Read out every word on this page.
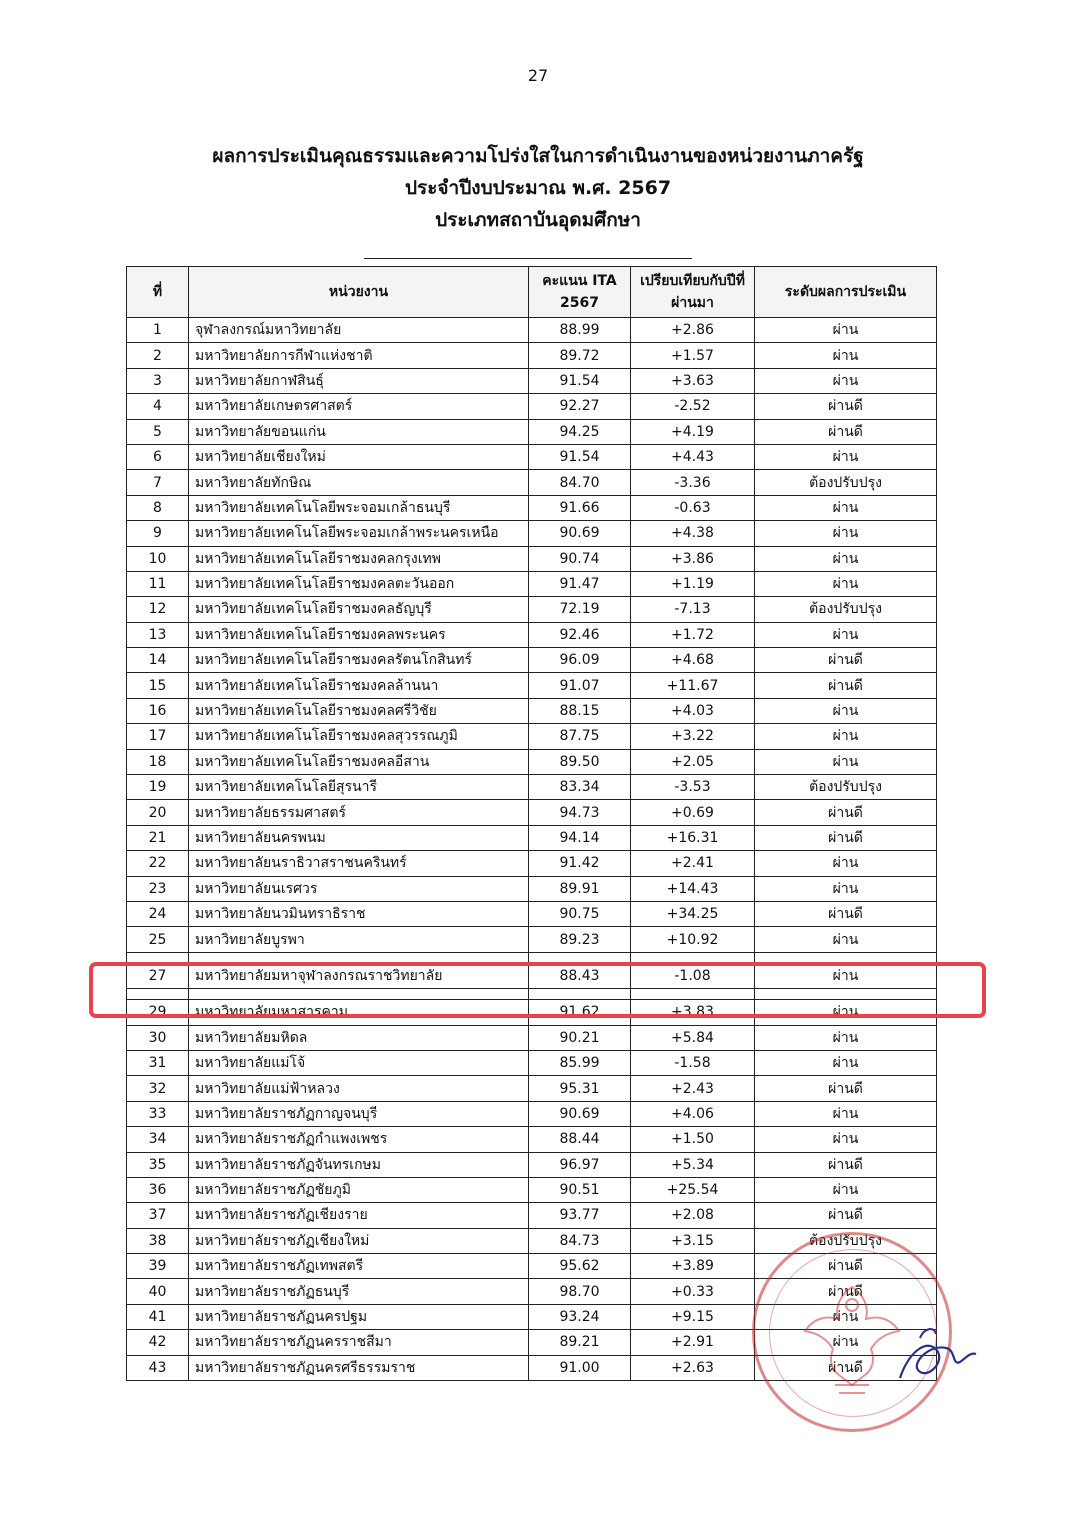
27
ผลการประเมินคุณธรรมและความโปร่งใสในการดำเนินงานของหน่วยงานภาครัฐ
ประจำปีงบประมาณ พ.ศ. 2567
ประเภทสถาบันอุดมศึกษา
ที่	หน่วยงาน	คะแนน ITA 2567	เปรียบเทียบกับปีที่ผ่านมา	ระดับผลการประเมิน
1	จุฬาลงกรณ์มหาวิทยาลัย	88.99	+2.86	ผ่าน
2	มหาวิทยาลัยการกีฬาแห่งชาติ	89.72	+1.57	ผ่าน
3	มหาวิทยาลัยกาฬสินธุ์	91.54	+3.63	ผ่าน
4	มหาวิทยาลัยเกษตรศาสตร์	92.27	-2.52	ผ่านดี
5	มหาวิทยาลัยขอนแก่น	94.25	+4.19	ผ่านดี
6	มหาวิทยาลัยเชียงใหม่	91.54	+4.43	ผ่าน
7	มหาวิทยาลัยทักษิณ	84.70	-3.36	ต้องปรับปรุง
8	มหาวิทยาลัยเทคโนโลยีพระจอมเกล้าธนบุรี	91.66	-0.63	ผ่าน
9	มหาวิทยาลัยเทคโนโลยีพระจอมเกล้าพระนครเหนือ	90.69	+4.38	ผ่าน
10	มหาวิทยาลัยเทคโนโลยีราชมงคลกรุงเทพ	90.74	+3.86	ผ่าน
11	มหาวิทยาลัยเทคโนโลยีราชมงคลตะวันออก	91.47	+1.19	ผ่าน
12	มหาวิทยาลัยเทคโนโลยีราชมงคลธัญบุรี	72.19	-7.13	ต้องปรับปรุง
13	มหาวิทยาลัยเทคโนโลยีราชมงคลพระนคร	92.46	+1.72	ผ่าน
14	มหาวิทยาลัยเทคโนโลยีราชมงคลรัตนโกสินทร์	96.09	+4.68	ผ่านดี
15	มหาวิทยาลัยเทคโนโลยีราชมงคลล้านนา	91.07	+11.67	ผ่านดี
16	มหาวิทยาลัยเทคโนโลยีราชมงคลศรีวิชัย	88.15	+4.03	ผ่าน
17	มหาวิทยาลัยเทคโนโลยีราชมงคลสุวรรณภูมิ	87.75	+3.22	ผ่าน
18	มหาวิทยาลัยเทคโนโลยีราชมงคลอีสาน	89.50	+2.05	ผ่าน
19	มหาวิทยาลัยเทคโนโลยีสุรนารี	83.34	-3.53	ต้องปรับปรุง
20	มหาวิทยาลัยธรรมศาสตร์	94.73	+0.69	ผ่านดี
21	มหาวิทยาลัยนครพนม	94.14	+16.31	ผ่านดี
22	มหาวิทยาลัยนราธิวาสราชนครินทร์	91.42	+2.41	ผ่าน
23	มหาวิทยาลัยนเรศวร	89.91	+14.43	ผ่าน
24	มหาวิทยาลัยนวมินทราธิราช	90.75	+34.25	ผ่านดี
25	มหาวิทยาลัยบูรพา	89.23	+10.92	ผ่าน

27	มหาวิทยาลัยมหาจุฬาลงกรณราชวิทยาลัย	88.43	-1.08	ผ่าน

29	มหาวิทยาลัยมหาสารคาม	91.62	+3.83	ผ่าน
30	มหาวิทยาลัยมหิดล	90.21	+5.84	ผ่าน
31	มหาวิทยาลัยแม่โจ้	85.99	-1.58	ผ่าน
32	มหาวิทยาลัยแม่ฟ้าหลวง	95.31	+2.43	ผ่านดี
33	มหาวิทยาลัยราชภัฏกาญจนบุรี	90.69	+4.06	ผ่าน
34	มหาวิทยาลัยราชภัฏกำแพงเพชร	88.44	+1.50	ผ่าน
35	มหาวิทยาลัยราชภัฏจันทรเกษม	96.97	+5.34	ผ่านดี
36	มหาวิทยาลัยราชภัฏชัยภูมิ	90.51	+25.54	ผ่าน
37	มหาวิทยาลัยราชภัฏเชียงราย	93.77	+2.08	ผ่านดี
38	มหาวิทยาลัยราชภัฏเชียงใหม่	84.73	+3.15	ต้องปรับปรุง
39	มหาวิทยาลัยราชภัฏเทพสตรี	95.62	+3.89	ผ่านดี
40	มหาวิทยาลัยราชภัฏธนบุรี	98.70	+0.33	ผ่านดี
41	มหาวิทยาลัยราชภัฏนครปฐม	93.24	+9.15	ผ่าน
42	มหาวิทยาลัยราชภัฏนครราชสีมา	89.21	+2.91	ผ่าน
43	มหาวิทยาลัยราชภัฏนครศรีธรรมราช	91.00	+2.63	ผ่านดี
